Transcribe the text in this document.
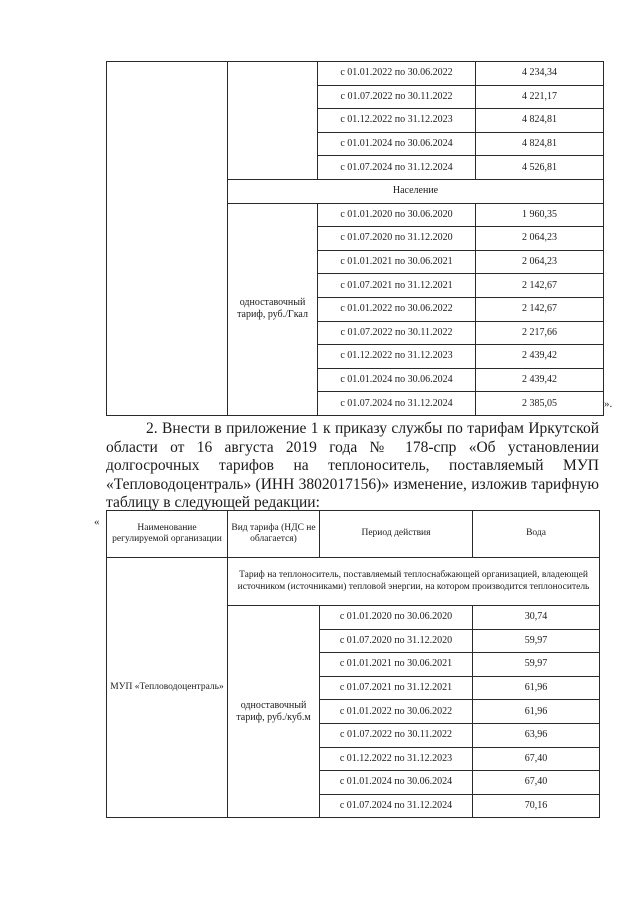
		с 01.01.2022 по 30.06.2022	4 234,34
		с 01.07.2022 по 30.11.2022	4 221,17
		с 01.12.2022 по 31.12.2023	4 824,81
		с 01.01.2024 по 30.06.2024	4 824,81
		с 01.07.2024 по 31.12.2024	4 526,81
	Население		
	одноставочный тариф, руб./Гкал	с 01.01.2020 по 30.06.2020	1 960,35
		с 01.07.2020 по 31.12.2020	2 064,23
		с 01.01.2021 по 30.06.2021	2 064,23
		с 01.07.2021 по 31.12.2021	2 142,67
		с 01.01.2022 по 30.06.2022	2 142,67
		с 01.07.2022 по 30.11.2022	2 217,66
		с 01.12.2022 по 31.12.2023	2 439,42
		с 01.01.2024 по 30.06.2024	2 439,42
		с 01.07.2024 по 31.12.2024	2 385,05	».
2. Внести в приложение 1 к приказу службы по тарифам Иркутской области от 16 августа 2019 года № 178-спр «Об установлении долгосрочных тарифов на теплоноситель, поставляемый МУП «Тепловодоцентраль» (ИНН 3802017156)» изменение, изложив тарифную таблицу в следующей редакции:
«	Наименование регулируемой организации	Вид тарифа (НДС не облагается)	Период действия	Вода
МУП «Тепловодоцентраль»	Тариф на теплоноситель, поставляемый теплоснабжающей организацией, владеющей источником (источниками) тепловой энергии, на котором производится теплоноситель		
	одноставочный тариф, руб./куб.м	с 01.01.2020 по 30.06.2020	30,74
		с 01.07.2020 по 31.12.2020	59,97
		с 01.01.2021 по 30.06.2021	59,97
		с 01.07.2021 по 31.12.2021	61,96
		с 01.01.2022 по 30.06.2022	61,96
		с 01.07.2022 по 30.11.2022	63,96
		с 01.12.2022 по 31.12.2023	67,40
		с 01.01.2024 по 30.06.2024	67,40
		с 01.07.2024 по 31.12.2024	70,16
